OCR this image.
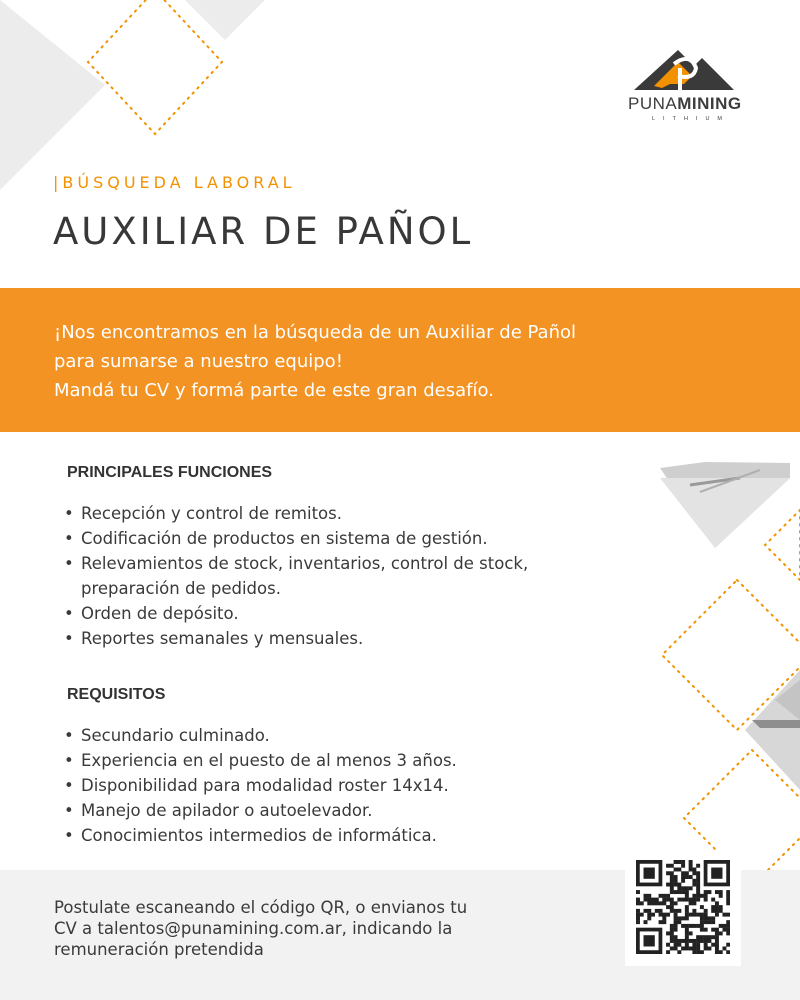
PUNAMINING
LITHIUM
|BÚSQUEDA LABORAL
AUXILIAR DE PAÑOL

¡Nos encontramos en la búsqueda de un Auxiliar de Pañol
para sumarse a nuestro equipo!
Mandá tu CV y formá parte de este gran desafío.

PRINCIPALES FUNCIONES
• Recepción y control de remitos.
• Codificación de productos en sistema de gestión.
• Relevamientos de stock, inventarios, control de stock,
preparación de pedidos.
• Orden de depósito.
• Reportes semanales y mensuales.
REQUISITOS
• Secundario culminado.
• Experiencia en el puesto de al menos 3 años.
• Disponibilidad para modalidad roster 14x14.
• Manejo de apilador o autoelevador.
• Conocimientos intermedios de informática.

Postulate escaneando el código QR, o envianos tu
CV a talentos@punamining.com.ar, indicando la
remuneración pretendida
